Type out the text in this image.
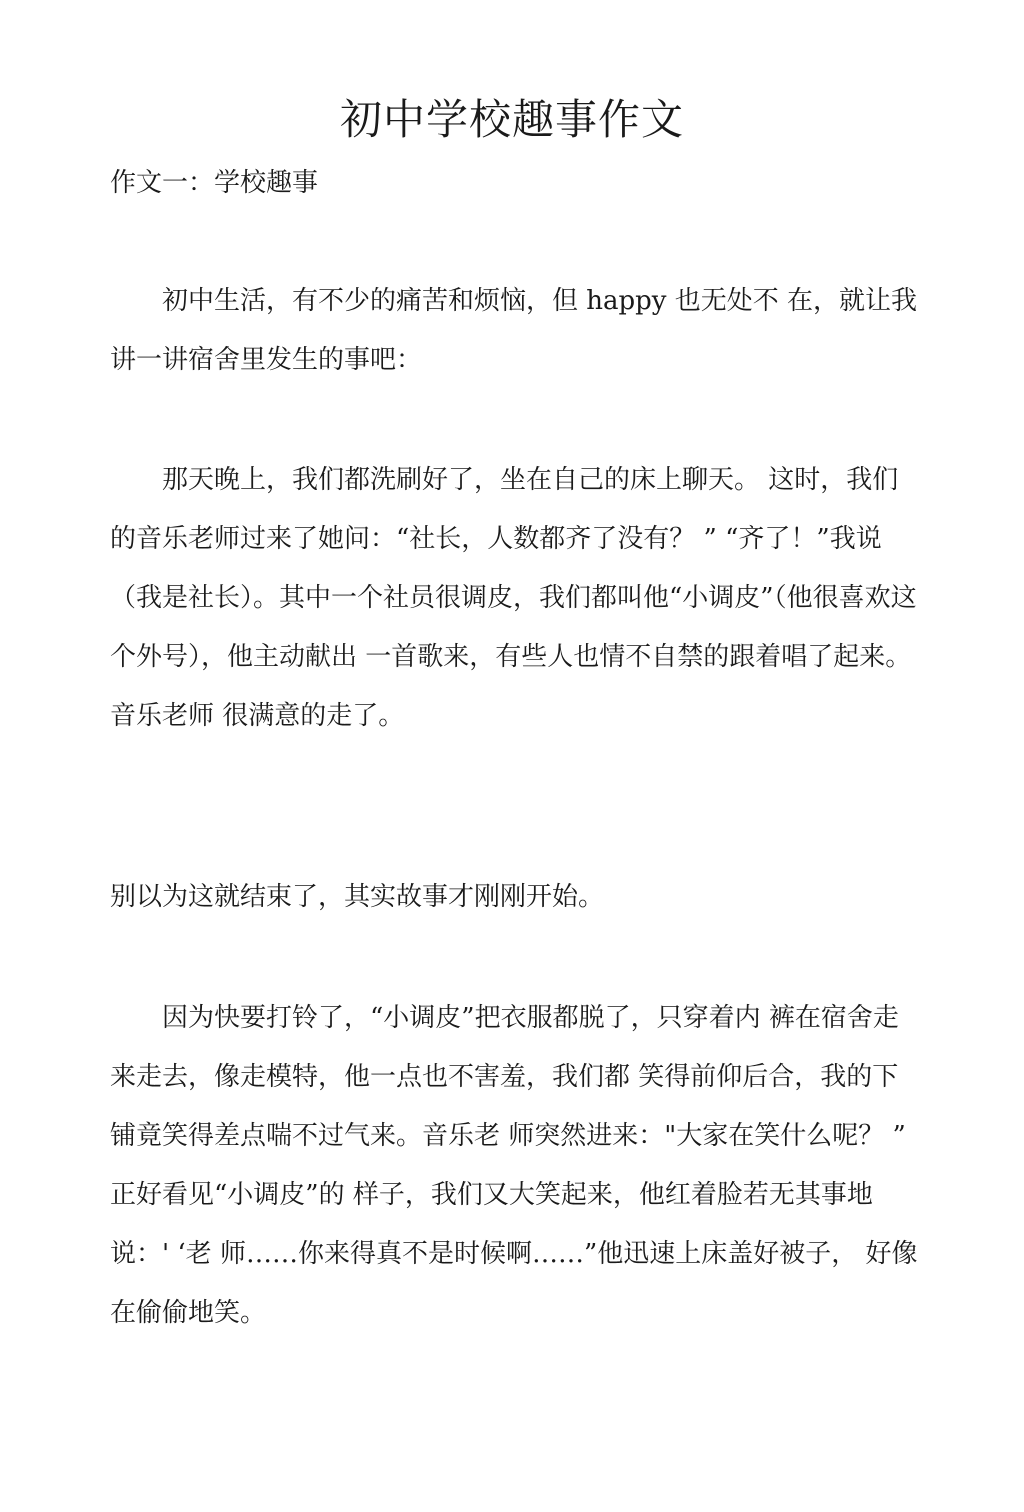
初中学校趣事作文

作文一：学校趣事

初中生活，有不少的痛苦和烦恼，但 happy 也无处不 在，就让我讲一讲宿舍里发生的事吧：

那天晚上，我们都洗刷好了，坐在自己的床上聊天。 这时，我们的音乐老师过来了她问：“社长，人数都齐了没有？ ” “齐了！”我说（我是社长）。其中一个社员很调皮，我们都叫他“小调皮”（他很喜欢这个外号），他主动献出 一首歌来，有些人也情不自禁的跟着唱了起来。音乐老师 很满意的走了。

别以为这就结束了，其实故事才刚刚开始。

因为快要打铃了，“小调皮”把衣服都脱了，只穿着内 裤在宿舍走来走去，像走模特，他一点也不害羞，我们都 笑得前仰后合，我的下铺竟笑得差点喘不过气来。音乐老 师突然进来："大家在笑什么呢？ ” 正好看见“小调皮”的 样子，我们又大笑起来，他红着脸若无其事地说：' ‘老 师……你来得真不是时候啊……”他迅速上床盖好被子， 好像在偷偷地笑。
